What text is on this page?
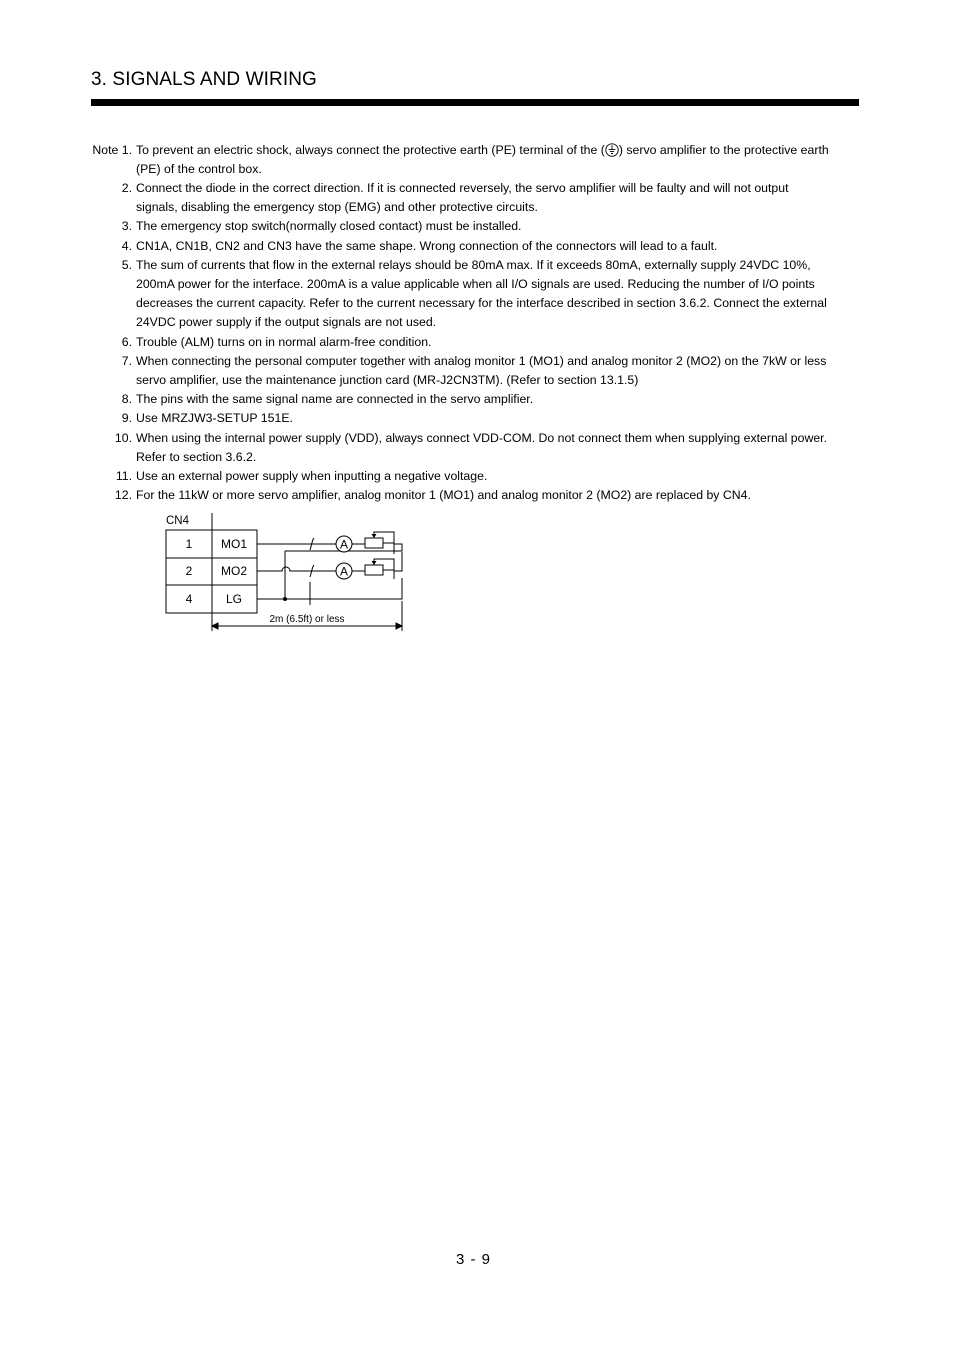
3. SIGNALS AND WIRING
Note 1. To prevent an electric shock, always connect the protective earth (PE) terminal of the ( ) servo amplifier to the protective earth
(PE) of the control box.
2. Connect the diode in the correct direction. If it is connected reversely, the servo amplifier will be faulty and will not output
signals, disabling the emergency stop (EMG) and other protective circuits.
3. The emergency stop switch(normally closed contact) must be installed.
4. CN1A, CN1B, CN2 and CN3 have the same shape. Wrong connection of the connectors will lead to a fault.
5. The sum of currents that flow in the external relays should be 80mA max. If it exceeds 80mA, externally supply 24VDC 10%,
200mA power for the interface. 200mA is a value applicable when all I/O signals are used. Reducing the number of I/O points
decreases the current capacity. Refer to the current necessary for the interface described in section 3.6.2. Connect the external
24VDC power supply if the output signals are not used.
6. Trouble (ALM) turns on in normal alarm-free condition.
7. When connecting the personal computer together with analog monitor 1 (MO1) and analog monitor 2 (MO2) on the 7kW or less
servo amplifier, use the maintenance junction card (MR-J2CN3TM). (Refer to section 13.1.5)
8. The pins with the same signal name are connected in the servo amplifier.
9. Use MRZJW3-SETUP 151E.
10. When using the internal power supply (VDD), always connect VDD-COM. Do not connect them when supplying external power.
Refer to section 3.6.2.
11. Use an external power supply when inputting a negative voltage.
12. For the 11kW or more servo amplifier, analog monitor 1 (MO1) and analog monitor 2 (MO2) are replaced by CN4.
CN4
1 MO1
2 MO2
4	LG
A
A
2m (6.5ft) or less
3 - 9
